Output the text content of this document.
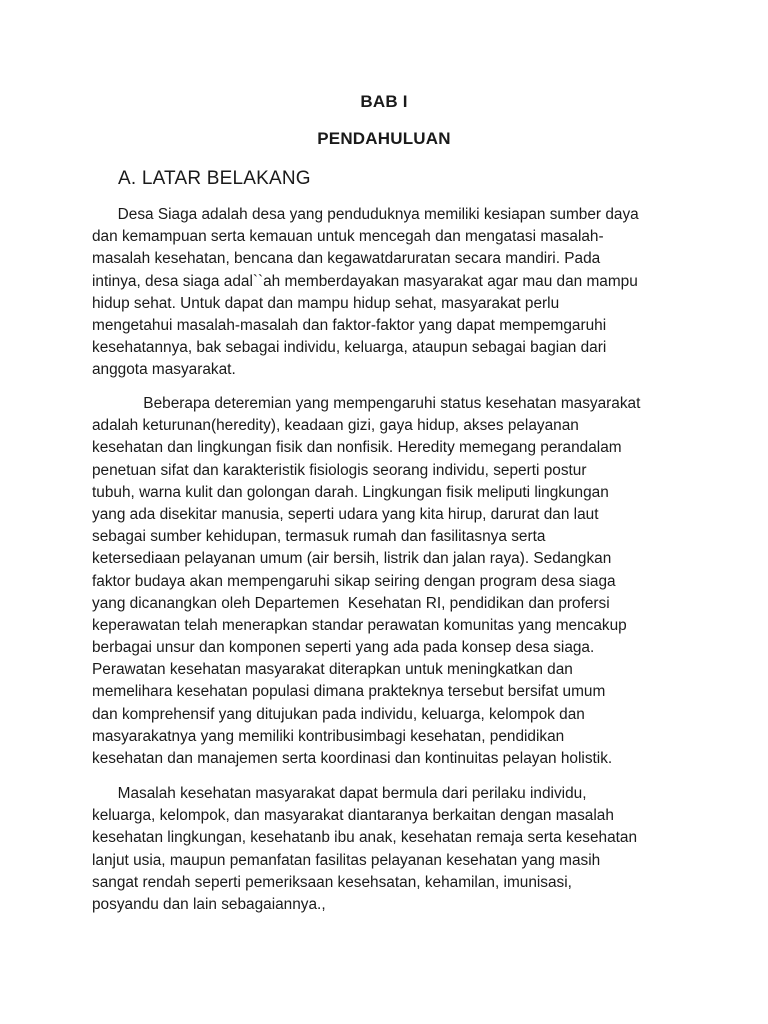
BAB I
PENDAHULUAN
A. LATAR BELAKANG
Desa Siaga adalah desa yang penduduknya memiliki kesiapan sumber daya
dan kemampuan serta kemauan untuk mencegah dan mengatasi masalah-
masalah kesehatan, bencana dan kegawatdaruratan secara mandiri. Pada
intinya, desa siaga adal``ah memberdayakan masyarakat agar mau dan mampu
hidup sehat. Untuk dapat dan mampu hidup sehat, masyarakat perlu
mengetahui masalah-masalah dan faktor-faktor yang dapat mempemgaruhi
kesehatannya, bak sebagai individu, keluarga, ataupun sebagai bagian dari
anggota masyarakat.
Beberapa deteremian yang mempengaruhi status kesehatan masyarakat
adalah keturunan(heredity), keadaan gizi, gaya hidup, akses pelayanan
kesehatan dan lingkungan fisik dan nonfisik. Heredity memegang perandalam
penetuan sifat dan karakteristik fisiologis seorang individu, seperti postur
tubuh, warna kulit dan golongan darah. Lingkungan fisik meliputi lingkungan
yang ada disekitar manusia, seperti udara yang kita hirup, darurat dan laut
sebagai sumber kehidupan, termasuk rumah dan fasilitasnya serta
ketersediaan pelayanan umum (air bersih, listrik dan jalan raya). Sedangkan
faktor budaya akan mempengaruhi sikap seiring dengan program desa siaga
yang dicanangkan oleh Departemen  Kesehatan RI, pendidikan dan profersi
keperawatan telah menerapkan standar perawatan komunitas yang mencakup
berbagai unsur dan komponen seperti yang ada pada konsep desa siaga.
Perawatan kesehatan masyarakat diterapkan untuk meningkatkan dan
memelihara kesehatan populasi dimana prakteknya tersebut bersifat umum
dan komprehensif yang ditujukan pada individu, keluarga, kelompok dan
masyarakatnya yang memiliki kontribusimbagi kesehatan, pendidikan
kesehatan dan manajemen serta koordinasi dan kontinuitas pelayan holistik.
Masalah kesehatan masyarakat dapat bermula dari perilaku individu,
keluarga, kelompok, dan masyarakat diantaranya berkaitan dengan masalah
kesehatan lingkungan, kesehatanb ibu anak, kesehatan remaja serta kesehatan
lanjut usia, maupun pemanfatan fasilitas pelayanan kesehatan yang masih
sangat rendah seperti pemeriksaan kesehsatan, kehamilan, imunisasi,
posyandu dan lain sebagaiannya.,
